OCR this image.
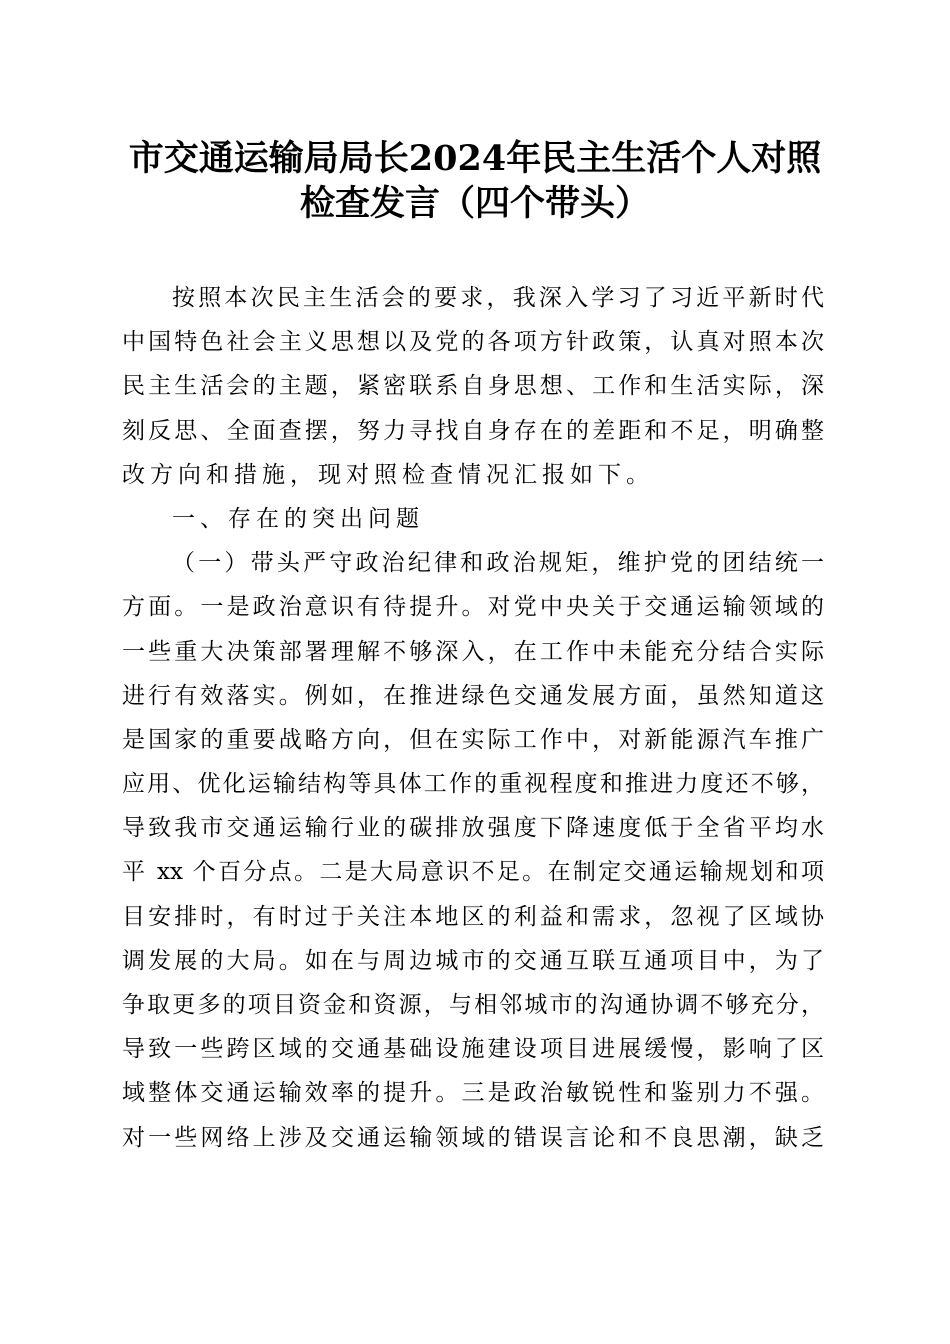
市交通运输局局长2024年民主生活个人对照
检查发言（四个带头）
按照本次民主生活会的要求，我深入学习了习近平新时代
中国特色社会主义思想以及党的各项方针政策，认真对照本次
民主生活会的主题，紧密联系自身思想、工作和生活实际，深
刻反思、全面查摆，努力寻找自身存在的差距和不足，明确整
改方向和措施，现对照检查情况汇报如下。
一、存在的突出问题
（一）带头严守政治纪律和政治规矩，维护党的团结统一
方面。一是政治意识有待提升。对党中央关于交通运输领域的
一些重大决策部署理解不够深入，在工作中未能充分结合实际
进行有效落实。例如，在推进绿色交通发展方面，虽然知道这
是国家的重要战略方向，但在实际工作中，对新能源汽车推广
应用、优化运输结构等具体工作的重视程度和推进力度还不够，
导致我市交通运输行业的碳排放强度下降速度低于全省平均水
平 xx 个百分点。二是大局意识不足。在制定交通运输规划和项
目安排时，有时过于关注本地区的利益和需求，忽视了区域协
调发展的大局。如在与周边城市的交通互联互通项目中，为了
争取更多的项目资金和资源，与相邻城市的沟通协调不够充分，
导致一些跨区域的交通基础设施建设项目进展缓慢，影响了区
域整体交通运输效率的提升。三是政治敏锐性和鉴别力不强。
对一些网络上涉及交通运输领域的错误言论和不良思潮，缺乏
